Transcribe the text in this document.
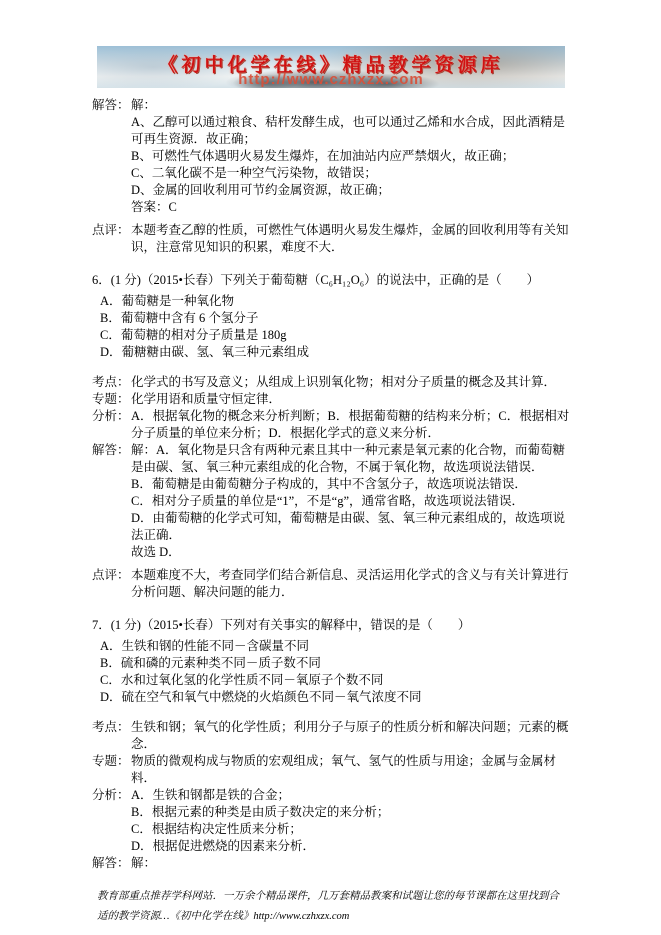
《初中化学在线》精品教学资源库
http://www.czhxzx.com
解答： 解：
A、乙醇可以通过粮食、秸杆发酵生成，也可以通过乙烯和水合成，因此酒精是可再生资源．故正确；
B、可燃性气体遇明火易发生爆炸，在加油站内应严禁烟火，故正确；
C、二氧化碳不是一种空气污染物，故错误；
D、金属的回收利用可节约金属资源，故正确；
答案：C
点评： 本题考查乙醇的性质，可燃性气体遇明火易发生爆炸，金属的回收利用等有关知识，注意常见知识的积累，难度不大．
6．(1 分)（2015•长春）下列关于葡萄糖（C₆H₁₂O₆）的说法中，正确的是（　　）
A．葡萄糖是一种氧化物
B．葡萄糖中含有 6 个氢分子
C．葡萄糖的相对分子质量是 180g
D．葡糖糖由碳、氢、氧三种元素组成
考点： 化学式的书写及意义；从组成上识别氧化物；相对分子质量的概念及其计算．
专题： 化学用语和质量守恒定律．
分析： A．根据氧化物的概念来分析判断；B．根据葡萄糖的结构来分析；C．根据相对分子质量的单位来分析；D．根据化学式的意义来分析．
解答： 解：A．氧化物是只含有两种元素且其中一种元素是氧元素的化合物，而葡萄糖是由碳、氢、氧三种元素组成的化合物，不属于氧化物，故选项说法错误．
B．葡萄糖是由葡萄糖分子构成的，其中不含氢分子，故选项说法错误．
C．相对分子质量的单位是“1”，不是“g”，通常省略，故选项说法错误．
D．由葡萄糖的化学式可知，葡萄糖是由碳、氢、氧三种元素组成的，故选项说法正确．
故选 D．
点评： 本题难度不大，考查同学们结合新信息、灵活运用化学式的含义与有关计算进行分析问题、解决问题的能力．
7．(1 分)（2015•长春）下列对有关事实的解释中，错误的是（　　）
A．生铁和钢的性能不同－含碳量不同
B．硫和磷的元素种类不同－质子数不同
C．水和过氧化氢的化学性质不同－氧原子个数不同
D．硫在空气和氧气中燃烧的火焰颜色不同－氧气浓度不同
考点： 生铁和钢；氧气的化学性质；利用分子与原子的性质分析和解决问题；元素的概念．
专题： 物质的微观构成与物质的宏观组成；氧气、氢气的性质与用途；金属与金属材料．
分析： A．生铁和钢都是铁的合金；
B．根据元素的种类是由质子数决定的来分析；
C．根据结构决定性质来分析；
D．根据促进燃烧的因素来分析．
解答： 解：
教育部重点推荐学科网站．一万余个精品课件，几万套精品教案和试题让您的每节课都在这里找到合适的教学资源…《初中化学在线》http://www.czhxzx.com
